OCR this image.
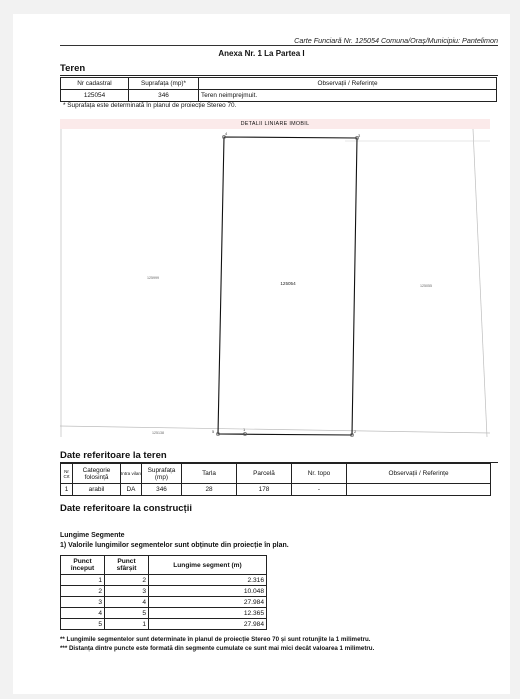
Carte Funciară Nr. 125054 Comuna/Oraș/Municipiu: Pantelimon
Anexa Nr. 1 La Partea I
Teren
Nr cadastral	Suprafața (mp)*	Observații / Referințe
125054	346	Teren neimprejmuit.
* Suprafața este determinată în planul de proiecție Stereo 70.
DETALII LINIARE IMOBIL
4	3
2
5	1
125054
125999
125055
125138
Date referitoare la teren
Nr Crt	Categorie folosință	Intra vilan	Suprafața (mp)	Tarla	Parcelă	Nr. topo	Observații / Referințe
1	arabil	DA	346	28	178	-	
Date referitoare la construcții
Lungime Segmente
1) Valorile lungimilor segmentelor sunt obținute din proiecție în plan.
Punct început	Punct sfârșit	Lungime segment (m)
1	2	2.316
2	3	10.048
3	4	27.984
4	5	12.365
5	1	27.984
** Lungimile segmentelor sunt determinate în planul de proiecție Stereo 70 și sunt rotunjite la 1 milimetru.
*** Distanța dintre puncte este formată din segmente cumulate ce sunt mai mici decât valoarea 1 milimetru.
